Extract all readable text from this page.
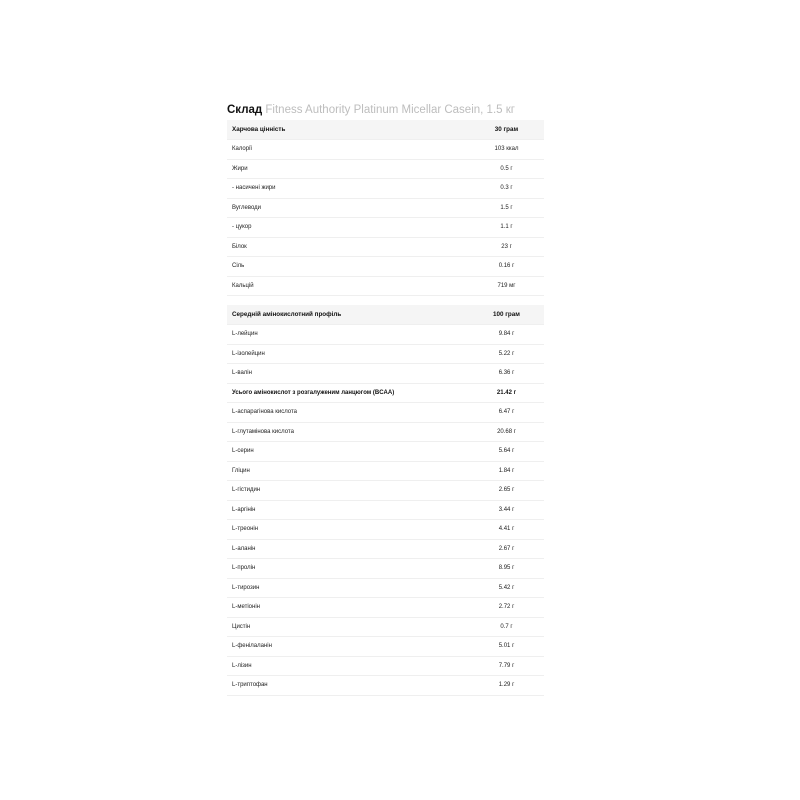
Склад Fitness Authority Platinum Micellar Casein, 1.5 кг
Харчова цінність	30 грам
Калорії	103 ккал
Жири	0.5 г
- насичені жири	0.3 г
Вуглеводи	1.5 г
- цукор	1.1 г
Білок	23 г
Сіль	0.16 г
Кальцій	719 мг
Середній амінокислотний профіль	100 грам
L-лейцин	9.84 г
L-ізолейцин	5.22 г
L-валін	6.36 г
Усього амінокислот з розгалуженим ланцюгом (BCAA)	21.42 г
L-аспарагінова кислота	6.47 г
L-глутамінова кислота	20.68 г
L-серин	5.64 г
Гліцин	1.84 г
L-гістидин	2.65 г
L-аргінін	3.44 г
L-треонін	4.41 г
L-аланін	2.67 г
L-пролін	8.95 г
L-тирозин	5.42 г
L-метіонін	2.72 г
Цистін	0.7 г
L-фенілаланін	5.01 г
L-лізин	7.79 г
L-триптофан	1.29 г
